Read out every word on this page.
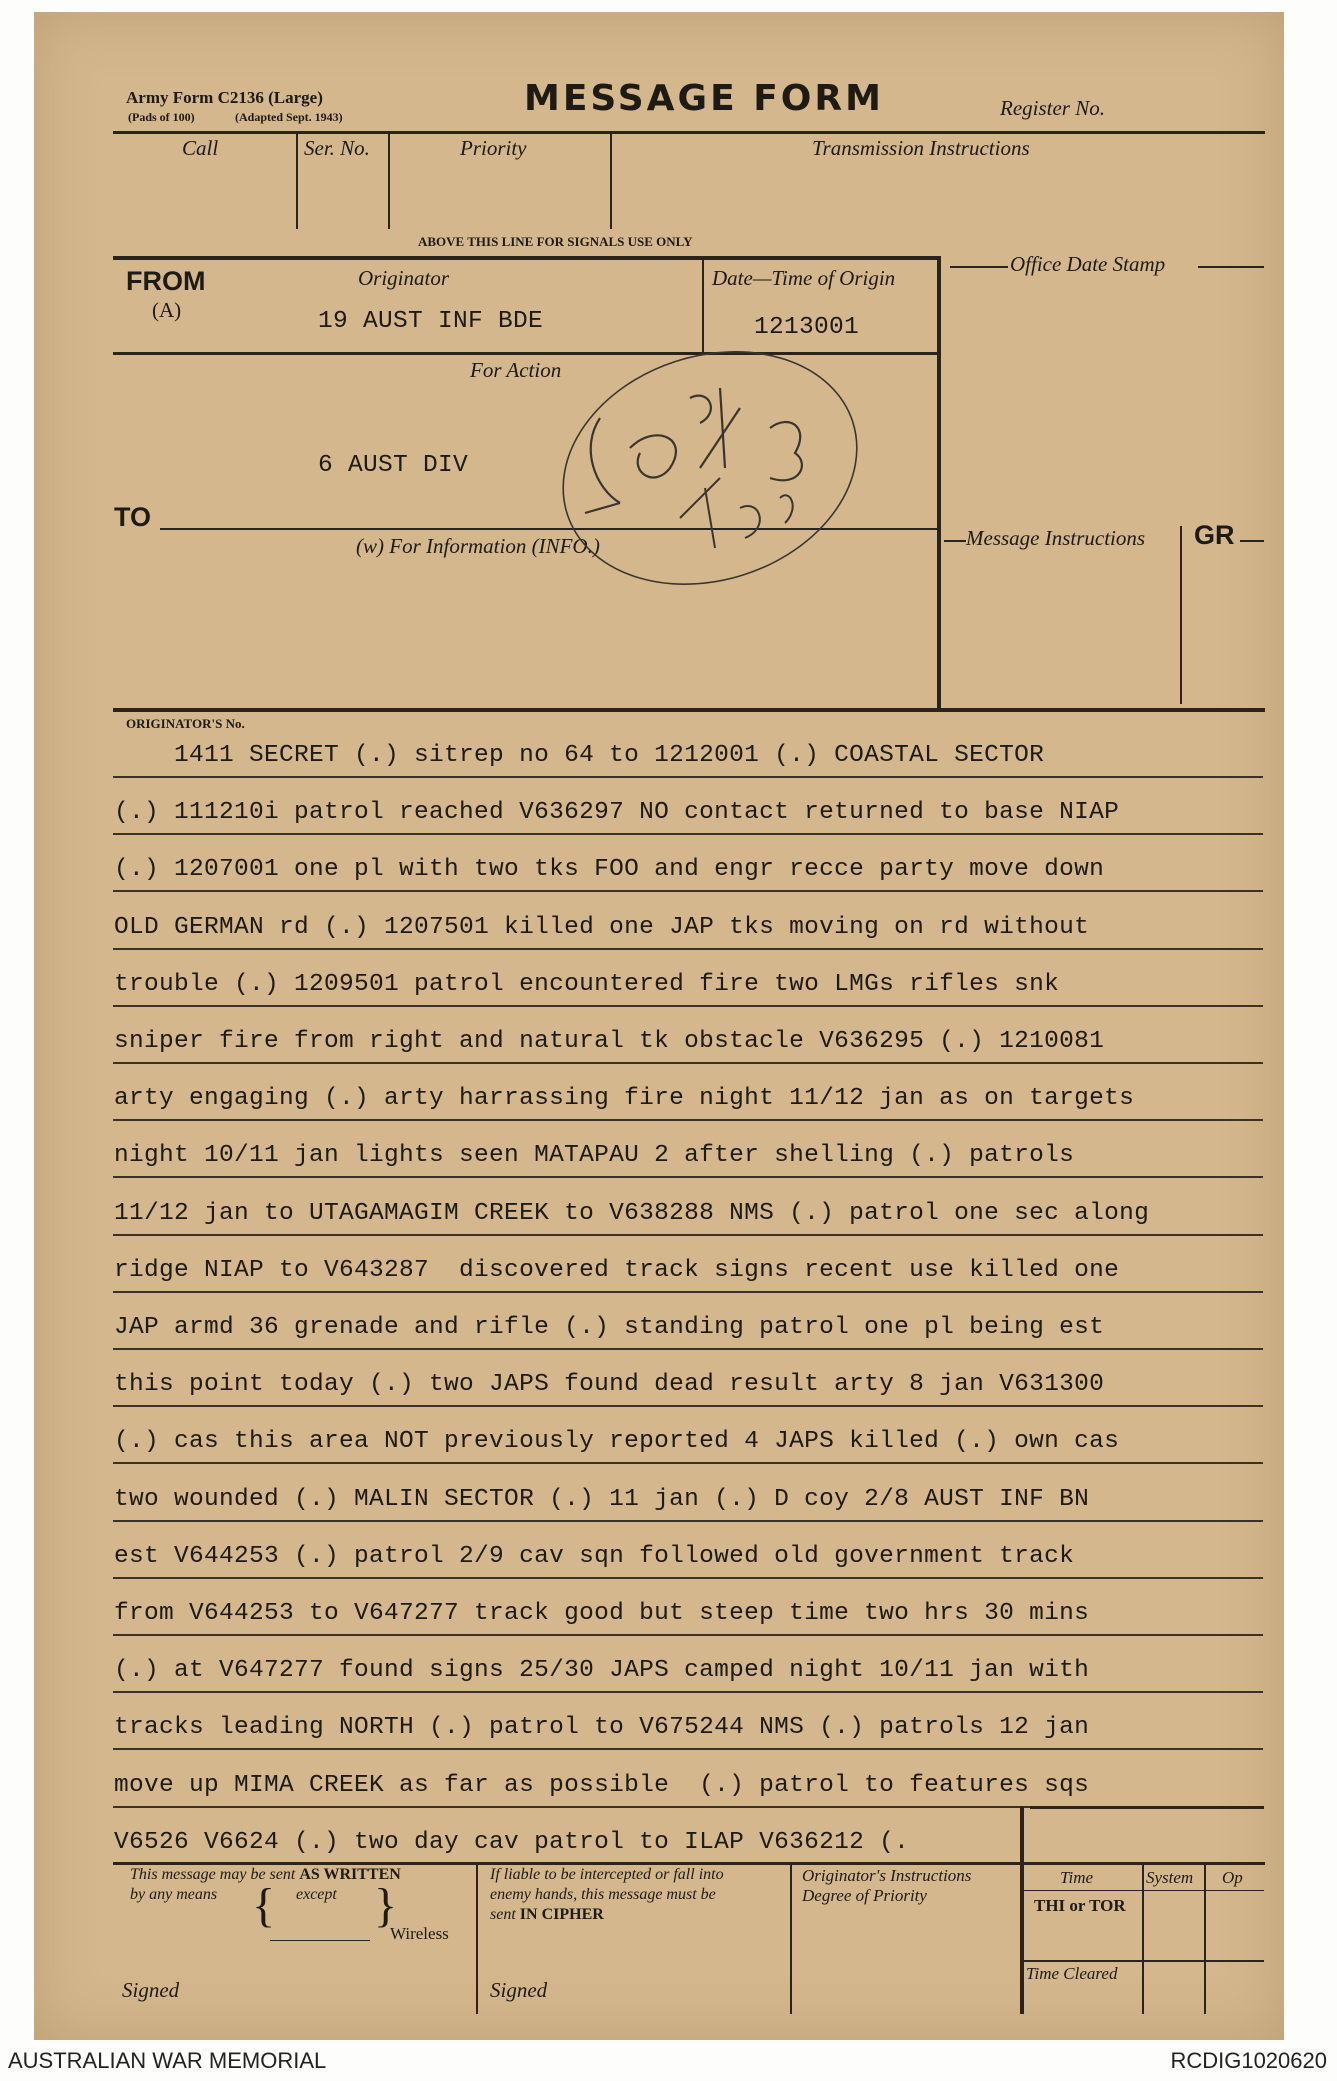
Army Form C2136 (Large)
(Pads of 100)	(Adapted Sept. 1943)	MESSAGE FORM	Register No.
Call	Ser. No.	Priority	Transmission Instructions
ABOVE THIS LINE FOR SIGNALS USE ONLY
FROM
(A)
Originator
19 AUST INF BDE
Date—Time of Origin
1213001
Office Date Stamp
For Action
6 AUST DIV
TO
(w) For Information (INFO.)	Message Instructions GR
ORIGINATOR'S No.
1411 SECRET (.) sitrep no 64 to 1212001 (.) COASTAL SECTOR
(.) 111210i patrol reached V636297 NO contact returned to base NIAP
(.) 1207001 one pl with two tks FOO and engr recce party move down
OLD GERMAN rd (.) 1207501 killed one JAP tks moving on rd without
trouble (.) 1209501 patrol encountered fire two LMGs rifles snk
sniper fire from right and natural tk obstacle V636295 (.) 1210081
arty engaging (.) arty harrassing fire night 11/12 jan as on targets
night 10/11 jan lights seen MATAPAU 2 after shelling (.) patrols
11/12 jan to UTAGAMAGIM CREEK to V638288 NMS (.) patrol one sec along
ridge NIAP to V643287  discovered track signs recent use killed one
JAP armd 36 grenade and rifle (.) standing patrol one pl being est
this point today (.) two JAPS found dead result arty 8 jan V631300
(.) cas this area NOT previously reported 4 JAPS killed (.) own cas
two wounded (.) MALIN SECTOR (.) 11 jan (.) D coy 2/8 AUST INF BN
est V644253 (.) patrol 2/9 cav sqn followed old government track
from V644253 to V647277 track good but steep time two hrs 30 mins
(.) at V647277 found signs 25/30 JAPS camped night 10/11 jan with
tracks leading NORTH (.) patrol to V675244 NMS (.) patrols 12 jan
move up MIMA CREEK as far as possible  (.) patrol to features sqs
V6526 V6624 (.) two day cav patrol to ILAP V636212 (.
This message may be sent AS WRITTEN
by any means	except
{ }
Wireless
Signed
If liable to be intercepted or fall into
enemy hands, this message must be
sent IN CIPHER
Signed
Originator's Instructions
Degree of Priority
Time	System Op
THI or TOR
Time Cleared
AUSTRALIAN WAR MEMORIAL	RCDIG1020620
